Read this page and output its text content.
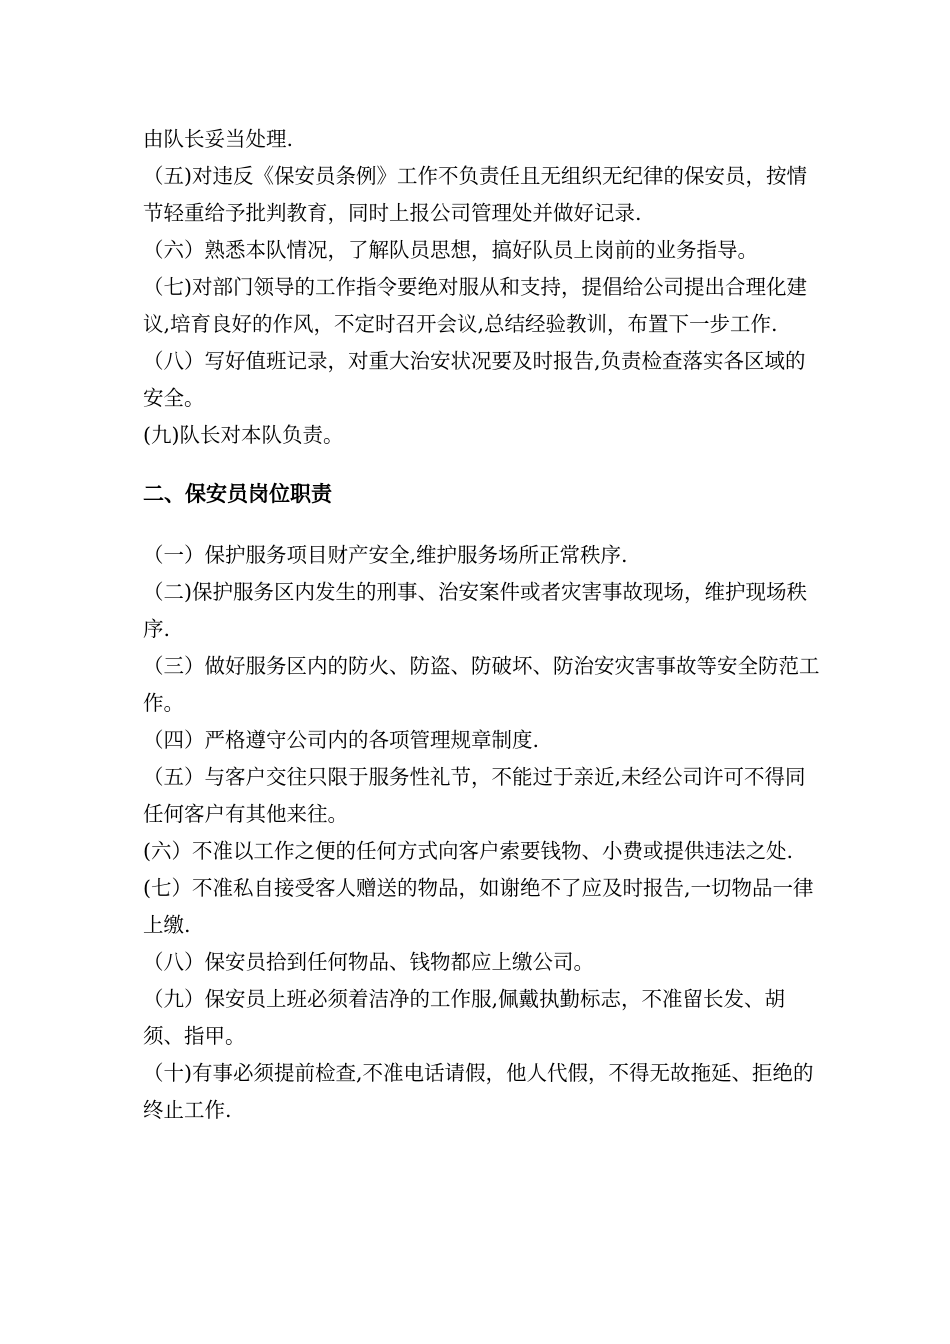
由队长妥当处理.

（五)对违反《保安员条例》工作不负责任且无组织无纪律的保安员，按情节轻重给予批判教育，同时上报公司管理处并做好记录.

（六）熟悉本队情况，了解队员思想，搞好队员上岗前的业务指导。

（七)对部门领导的工作指令要绝对服从和支持，提倡给公司提出合理化建议,培育良好的作风，不定时召开会议,总结经验教训，布置下一步工作.

（八）写好值班记录，对重大治安状况要及时报告,负责检查落实各区域的安全。

(九)队长对本队负责。

二、保安员岗位职责

（一）保护服务项目财产安全,维护服务场所正常秩序.

（二)保护服务区内发生的刑事、治安案件或者灾害事故现场，维护现场秩序.

（三）做好服务区内的防火、防盗、防破坏、防治安灾害事故等安全防范工作。

（四）严格遵守公司内的各项管理规章制度.

（五）与客户交往只限于服务性礼节，不能过于亲近,未经公司许可不得同任何客户有其他来往。

(六）不准以工作之便的任何方式向客户索要钱物、小费或提供违法之处.

(七）不准私自接受客人赠送的物品，如谢绝不了应及时报告,一切物品一律上缴.

（八）保安员拾到任何物品、钱物都应上缴公司。

（九）保安员上班必须着洁净的工作服,佩戴执勤标志，不准留长发、胡须、指甲。

（十)有事必须提前检查,不准电话请假，他人代假，不得无故拖延、拒绝的终止工作.
